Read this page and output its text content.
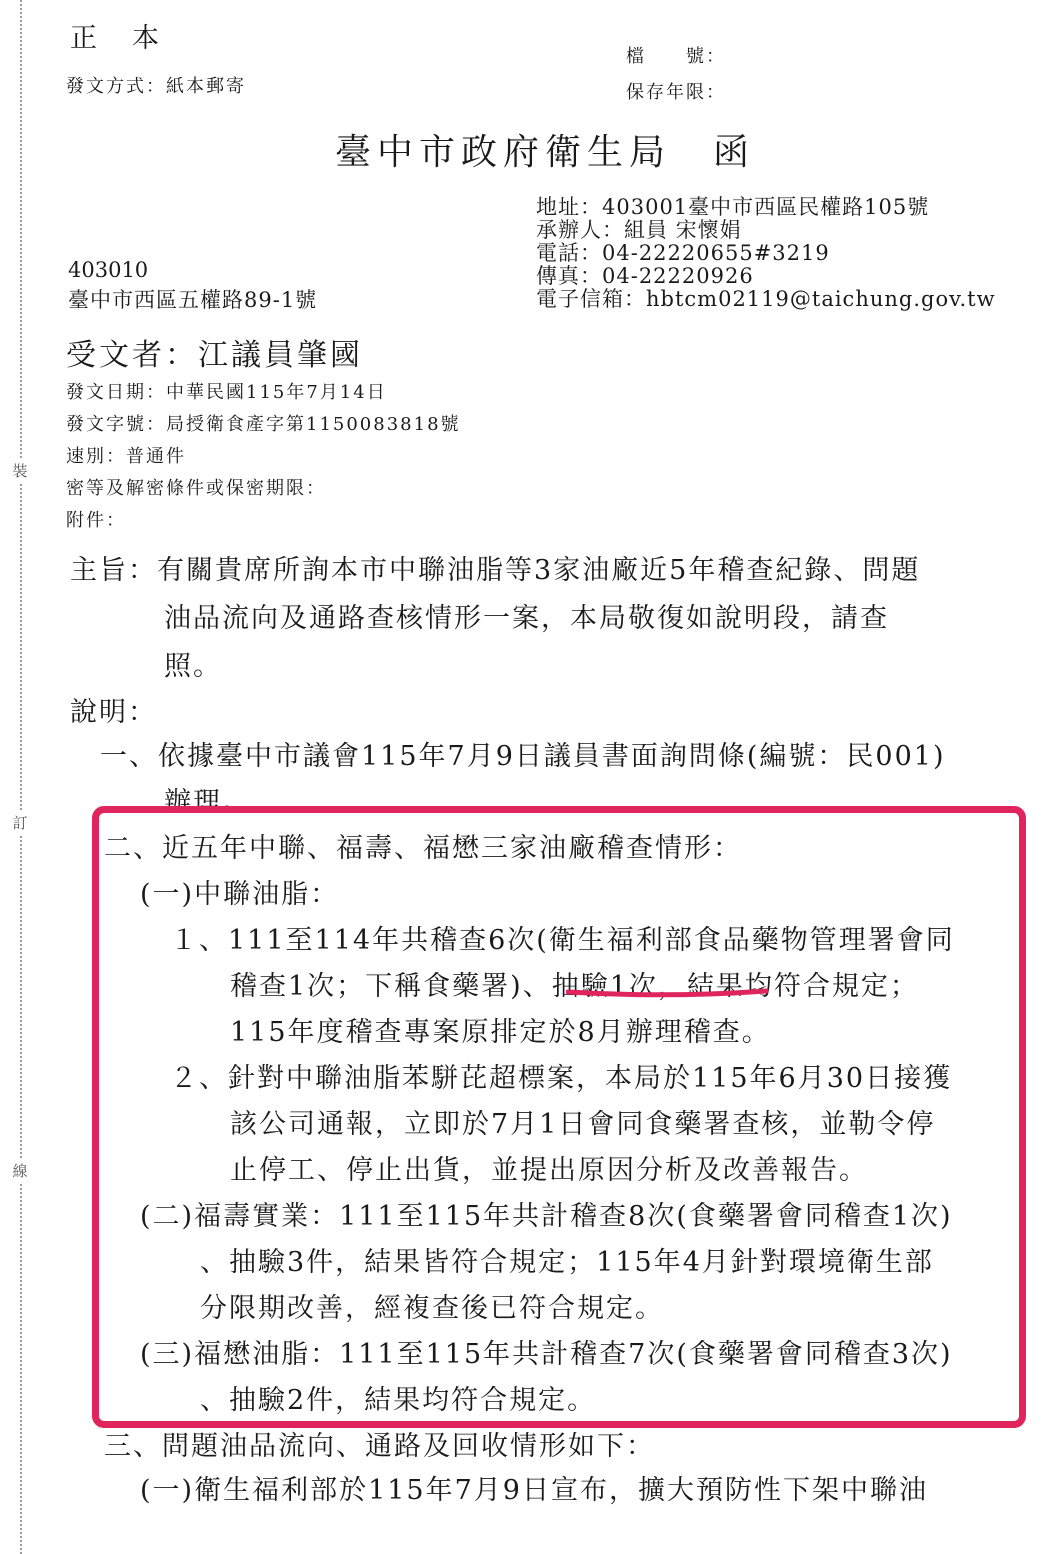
裝
訂
線
正　本
發文方式：紙本郵寄
檔　　號：
保存年限：
臺中市政府衛生局　函
地址：403001臺中市西區民權路105號
承辦人：組員 宋懷娟
電話：04-22220655#3219
傳真：04-22220926
電子信箱：hbtcm02119@taichung.gov.tw
403010
臺中市西區五權路89-1號
受文者：江議員肇國
發文日期：中華民國115年7月14日
發文字號：局授衛食產字第1150083818號
速別：普通件
密等及解密條件或保密期限：
附件：
主旨：有關貴席所詢本市中聯油脂等3家油廠近5年稽查紀錄、問題
油品流向及通路查核情形一案，本局敬復如說明段，請查
照。
說明：
一、依據臺中市議會115年7月9日議員書面詢問條(編號：民001)
辦理。
二、近五年中聯、福壽、福懋三家油廠稽查情形：
(一)中聯油脂：
１、111至114年共稽查6次(衛生福利部食品藥物管理署會同
稽查1次；下稱食藥署)、抽驗1次，結果均符合規定；
115年度稽查專案原排定於8月辦理稽查。
２、針對中聯油脂苯駢芘超標案，本局於115年6月30日接獲
該公司通報，立即於7月1日會同食藥署查核，並勒令停
止停工、停止出貨，並提出原因分析及改善報告。
(二)福壽實業：111至115年共計稽查8次(食藥署會同稽查1次)
、抽驗3件，結果皆符合規定；115年4月針對環境衛生部
分限期改善，經複查後已符合規定。
(三)福懋油脂：111至115年共計稽查7次(食藥署會同稽查3次)
、抽驗2件，結果均符合規定。
三、問題油品流向、通路及回收情形如下：
(一)衛生福利部於115年7月9日宣布，擴大預防性下架中聯油
